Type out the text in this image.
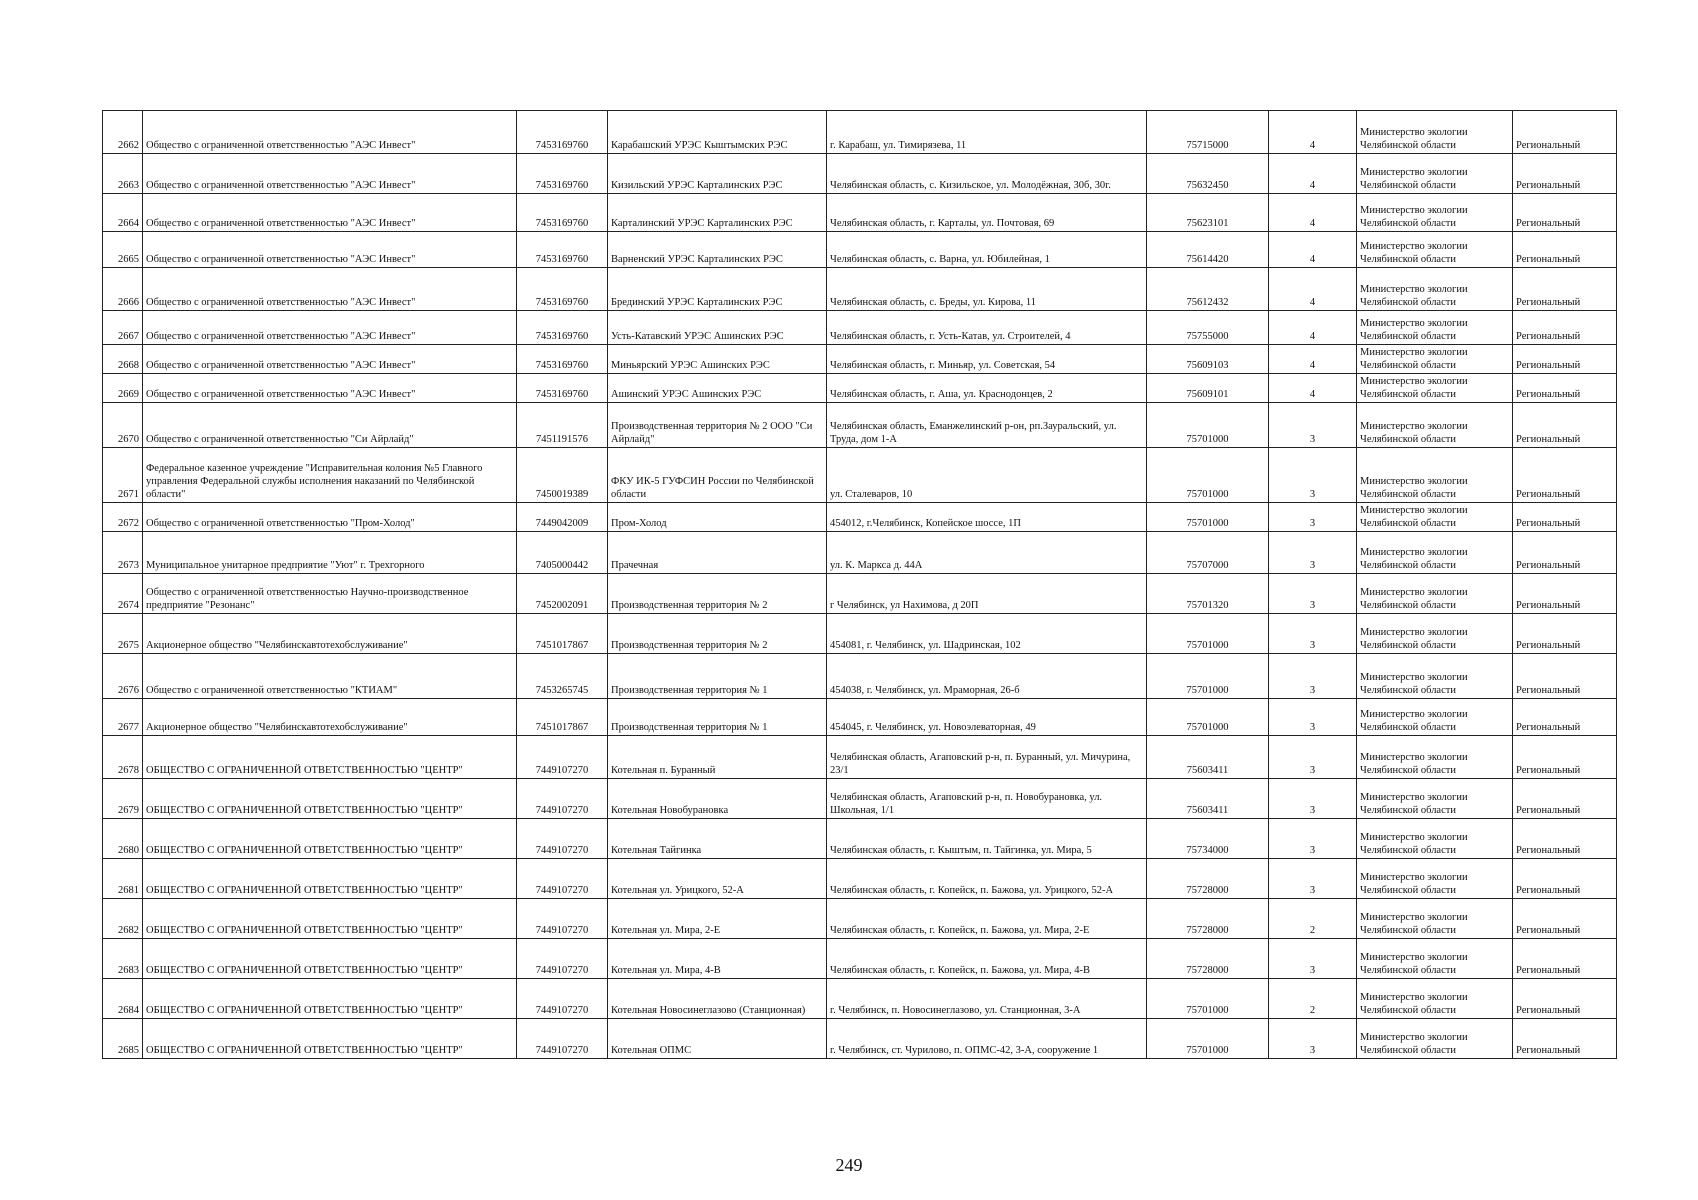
2662	Общество с ограниченной ответственностью "АЭС Инвест"	7453169760	Карабашский УРЭС Кыштымских РЭС	г. Карабаш, ул. Тимирязева, 11	75715000	4	Министерство экологии Челябинской области	Региональный
2663	Общество с ограниченной ответственностью "АЭС Инвест"	7453169760	Кизильский УРЭС Карталинских РЭС	Челябинская область, с. Кизильское, ул. Молодёжная, 30б, 30г.	75632450	4	Министерство экологии Челябинской области	Региональный
2664	Общество с ограниченной ответственностью "АЭС Инвест"	7453169760	Карталинский УРЭС Карталинских РЭС	Челябинская область, г. Карталы, ул. Почтовая, 69	75623101	4	Министерство экологии Челябинской области	Региональный
2665	Общество с ограниченной ответственностью "АЭС Инвест"	7453169760	Варненский УРЭС Карталинских РЭС	Челябинская область, с. Варна, ул. Юбилейная, 1	75614420	4	Министерство экологии Челябинской области	Региональный
2666	Общество с ограниченной ответственностью "АЭС Инвест"	7453169760	Брединский УРЭС Карталинских РЭС	Челябинская область, с. Бреды, ул. Кирова, 11	75612432	4	Министерство экологии Челябинской области	Региональный
2667	Общество с ограниченной ответственностью "АЭС Инвест"	7453169760	Усть-Катавский УРЭС Ашинских РЭС	Челябинская область, г. Усть-Катав, ул. Строителей, 4	75755000	4	Министерство экологии Челябинской области	Региональный
2668	Общество с ограниченной ответственностью "АЭС Инвест"	7453169760	Миньярский УРЭС Ашинских РЭС	Челябинская область, г. Миньяр, ул. Советская, 54	75609103	4	Министерство экологии Челябинской области	Региональный
2669	Общество с ограниченной ответственностью "АЭС Инвест"	7453169760	Ашинский УРЭС Ашинских РЭС	Челябинская область, г. Аша, ул. Краснодонцев, 2	75609101	4	Министерство экологии Челябинской области	Региональный
2670	Общество с ограниченной ответственностью "Си Айрлайд"	7451191576	Производственная территория № 2 ООО "Си Айрлайд"	Челябинская область, Еманжелинский р-он, рп.Зауральский, ул. Труда, дом 1-А	75701000	3	Министерство экологии Челябинской области	Региональный
2671	Федеральное казенное учреждение "Исправительная колония №5 Главного управления Федеральной службы исполнения наказаний по Челябинской области"	7450019389	ФКУ ИК-5 ГУФСИН России по Челябинской области	ул. Сталеваров, 10	75701000	3	Министерство экологии Челябинской области	Региональный
2672	Общество с ограниченной ответственностью "Пром-Холод"	7449042009	Пром-Холод	454012, г.Челябинск, Копейское шоссе, 1П	75701000	3	Министерство экологии Челябинской области	Региональный
2673	Муниципальное унитарное предприятие "Уют" г. Трехгорного	7405000442	Прачечная	ул. К. Маркса д. 44А	75707000	3	Министерство экологии Челябинской области	Региональный
2674	Общество с ограниченной ответственностью Научно-производственное предприятие "Резонанс"	7452002091	Производственная территория № 2	г Челябинск, ул Нахимова, д 20П	75701320	3	Министерство экологии Челябинской области	Региональный
2675	Акционерное общество "Челябинскавтотехобслуживание"	7451017867	Производственная территория № 2	454081, г. Челябинск, ул. Шадринская, 102	75701000	3	Министерство экологии Челябинской области	Региональный
2676	Общество с ограниченной ответственностью "КТИАМ"	7453265745	Производственная территория № 1	454038, г. Челябинск, ул. Мраморная, 26-б	75701000	3	Министерство экологии Челябинской области	Региональный
2677	Акционерное общество "Челябинскавтотехобслуживание"	7451017867	Производственная территория № 1	454045, г. Челябинск, ул. Новоэлеваторная, 49	75701000	3	Министерство экологии Челябинской области	Региональный
2678	ОБЩЕСТВО С ОГРАНИЧЕННОЙ ОТВЕТСТВЕННОСТЬЮ "ЦЕНТР"	7449107270	Котельная п. Буранный	Челябинская область, Агаповский р-н, п. Буранный, ул. Мичурина, 23/1	75603411	3	Министерство экологии Челябинской области	Региональный
2679	ОБЩЕСТВО С ОГРАНИЧЕННОЙ ОТВЕТСТВЕННОСТЬЮ "ЦЕНТР"	7449107270	Котельная Новобурановка	Челябинская область, Агаповский р-н, п. Новобурановка, ул. Школьная, 1/1	75603411	3	Министерство экологии Челябинской области	Региональный
2680	ОБЩЕСТВО С ОГРАНИЧЕННОЙ ОТВЕТСТВЕННОСТЬЮ "ЦЕНТР"	7449107270	Котельная Тайгинка	Челябинская область, г. Кыштым, п. Тайгинка, ул. Мира, 5	75734000	3	Министерство экологии Челябинской области	Региональный
2681	ОБЩЕСТВО С ОГРАНИЧЕННОЙ ОТВЕТСТВЕННОСТЬЮ "ЦЕНТР"	7449107270	Котельная ул. Урицкого, 52-А	Челябинская область, г. Копейск, п. Бажова, ул. Урицкого, 52-А	75728000	3	Министерство экологии Челябинской области	Региональный
2682	ОБЩЕСТВО С ОГРАНИЧЕННОЙ ОТВЕТСТВЕННОСТЬЮ "ЦЕНТР"	7449107270	Котельная ул. Мира, 2-Е	Челябинская область, г. Копейск, п. Бажова, ул. Мира, 2-Е	75728000	2	Министерство экологии Челябинской области	Региональный
2683	ОБЩЕСТВО С ОГРАНИЧЕННОЙ ОТВЕТСТВЕННОСТЬЮ "ЦЕНТР"	7449107270	Котельная ул. Мира, 4-В	Челябинская область, г. Копейск, п. Бажова, ул. Мира, 4-В	75728000	3	Министерство экологии Челябинской области	Региональный
2684	ОБЩЕСТВО С ОГРАНИЧЕННОЙ ОТВЕТСТВЕННОСТЬЮ "ЦЕНТР"	7449107270	Котельная Новосинеглазово (Станционная)	г. Челябинск, п. Новосинеглазово, ул. Станционная, 3-А	75701000	2	Министерство экологии Челябинской области	Региональный
2685	ОБЩЕСТВО С ОГРАНИЧЕННОЙ ОТВЕТСТВЕННОСТЬЮ "ЦЕНТР"	7449107270	Котельная ОПМС	г. Челябинск, ст. Чурилово, п. ОПМС-42, 3-А, сооружение 1	75701000	3	Министерство экологии Челябинской области	Региональный
249
